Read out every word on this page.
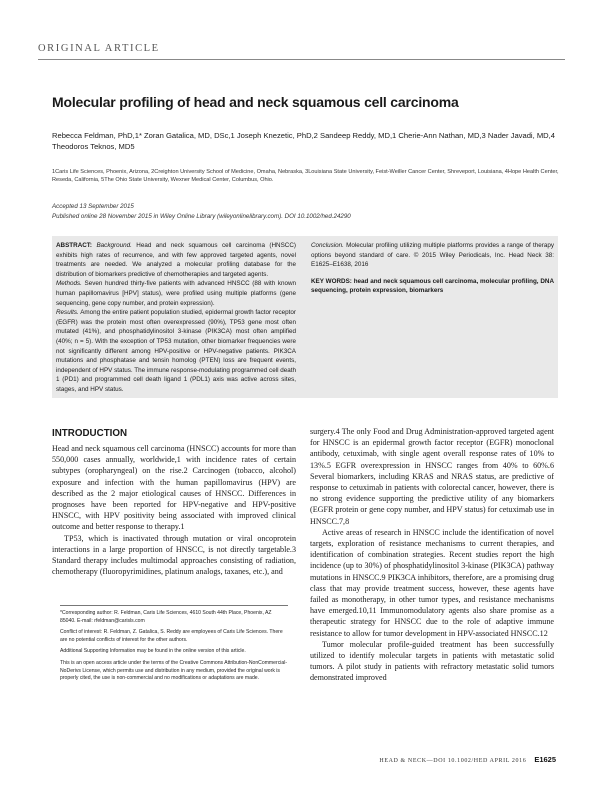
ORIGINAL ARTICLE
Molecular profiling of head and neck squamous cell carcinoma
Rebecca Feldman, PhD,1* Zoran Gatalica, MD, DSc,1 Joseph Knezetic, PhD,2 Sandeep Reddy, MD,1 Cherie-Ann Nathan, MD,3 Nader Javadi, MD,4 Theodoros Teknos, MD5
1Caris Life Sciences, Phoenix, Arizona, 2Creighton University School of Medicine, Omaha, Nebraska, 3Louisiana State University, Feist-Weiller Cancer Center, Shreveport, Louisiana, 4Hope Health Center, Reseda, California, 5The Ohio State University, Wexner Medical Center, Columbus, Ohio.
Accepted 13 September 2015
Published online 28 November 2015 in Wiley Online Library (wileyonlinelibrary.com). DOI 10.1002/hed.24290

ABSTRACT: Background. Head and neck squamous cell carcinoma (HNSCC) exhibits high rates of recurrence, and with few approved targeted agents, novel treatments are needed. We analyzed a molecular profiling database for the distribution of biomarkers predictive of chemotherapies and targeted agents.

Methods. Seven hundred thirty-five patients with advanced HNSCC (88 with known human papillomavirus [HPV] status), were profiled using multiple platforms (gene sequencing, gene copy number, and protein expression).

Results. Among the entire patient population studied, epidermal growth factor receptor (EGFR) was the protein most often overexpressed (90%), TP53 gene most often mutated (41%), and phosphatidylinositol 3-kinase (PIK3CA) most often amplified (40%; n = 5). With the exception of TP53 mutation, other biomarker frequencies were not significantly different among HPV-positive or HPV-negative patients. PIK3CA mutations and phosphatase and tensin homolog (PTEN) loss are frequent events, independent of HPV status. The immune response-modulating programmed cell death 1 (PD1) and programmed cell death ligand 1 (PDL1) axis was active across sites, stages, and HPV status.

Conclusion. Molecular profiling utilizing multiple platforms provides a range of therapy options beyond standard of care. © 2015 Wiley Periodicals, Inc. Head Neck 38: E1625–E1638, 2016

KEY WORDS: head and neck squamous cell carcinoma, molecular profiling, DNA sequencing, protein expression, biomarkers

INTRODUCTION

Head and neck squamous cell carcinoma (HNSCC) accounts for more than 550,000 cases annually, worldwide,1 with incidence rates of certain subtypes (oropharyngeal) on the rise.2 Carcinogen (tobacco, alcohol) exposure and infection with the human papillomavirus (HPV) are described as the 2 major etiological causes of HNSCC. Differences in prognoses have been reported for HPV-negative and HPV-positive HNSCC, with HPV positivity being associated with improved clinical outcome and better response to therapy.1

TP53, which is inactivated through mutation or viral oncoprotein interactions in a large proportion of HNSCC, is not directly targetable.3 Standard therapy includes multimodal approaches consisting of radiation, chemotherapy (fluoropyrimidines, platinum analogs, taxanes, etc.), and

surgery.4 The only Food and Drug Administration-approved targeted agent for HNSCC is an epidermal growth factor receptor (EGFR) monoclonal antibody, cetuximab, with single agent overall response rates of 10% to 13%.5 EGFR overexpression in HNSCC ranges from 40% to 60%.6 Several biomarkers, including KRAS and NRAS status, are predictive of response to cetuximab in patients with colorectal cancer, however, there is no strong evidence supporting the predictive utility of any biomarkers (EGFR protein or gene copy number, and HPV status) for cetuximab use in HNSCC.7,8

Active areas of research in HNSCC include the identification of novel targets, exploration of resistance mechanisms to current therapies, and identification of combination strategies. Recent studies report the high incidence (up to 30%) of phosphatidylinositol 3-kinase (PIK3CA) pathway mutations in HNSCC.9 PIK3CA inhibitors, therefore, are a promising drug class that may provide treatment success, however, these agents have failed as monotherapy, in other tumor types, and resistance mechanisms have emerged.10,11 Immunomodulatory agents also share promise as a therapeutic strategy for HNSCC due to the role of adaptive immune resistance to allow for tumor development in HPV-associated HNSCC.12

Tumor molecular profile-guided treatment has been successfully utilized to identify molecular targets in patients with metastatic solid tumors. A pilot study in patients with refractory metastatic solid tumors demonstrated improved

*Corresponding author: R. Feldman, Caris Life Sciences, 4610 South 44th Place, Phoenix, AZ 85040. E-mail: rfeldman@carisls.com

Conflict of interest: R. Feldman, Z. Gatalica, S. Reddy are employees of Caris Life Sciences. There are no potential conflicts of interest for the other authors.

Additional Supporting Information may be found in the online version of this article.

This is an open access article under the terms of the Creative Commons Attribution-NonCommercial-NoDerivs License, which permits use and distribution in any medium, provided the original work is properly cited, the use is non-commercial and no modifications or adaptations are made.

HEAD & NECK—DOI 10.1002/HED APRIL 2016 E1625
